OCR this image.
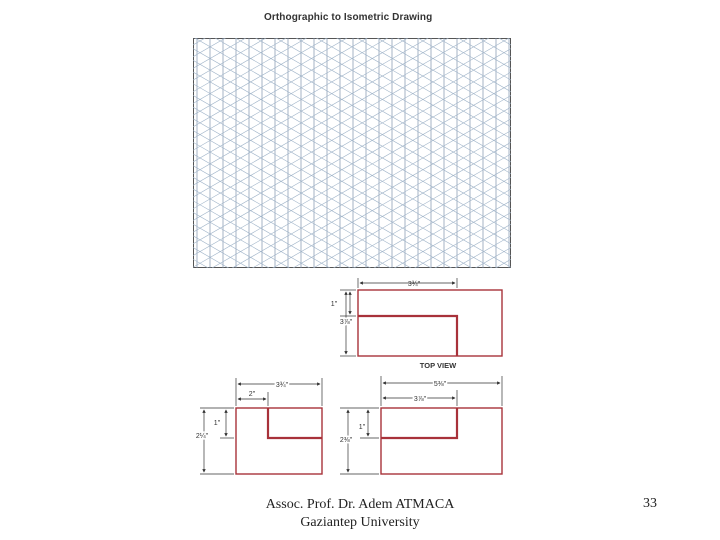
Orthographic to Isometric Drawing
3¾"
1"
3⅞"
TOP VIEW
3¾"
2"
1"
2¼"
5⅜"
3⅞"
1"
2⅜"
Assoc. Prof. Dr. Adem ATMACA
Gaziantep University
33
